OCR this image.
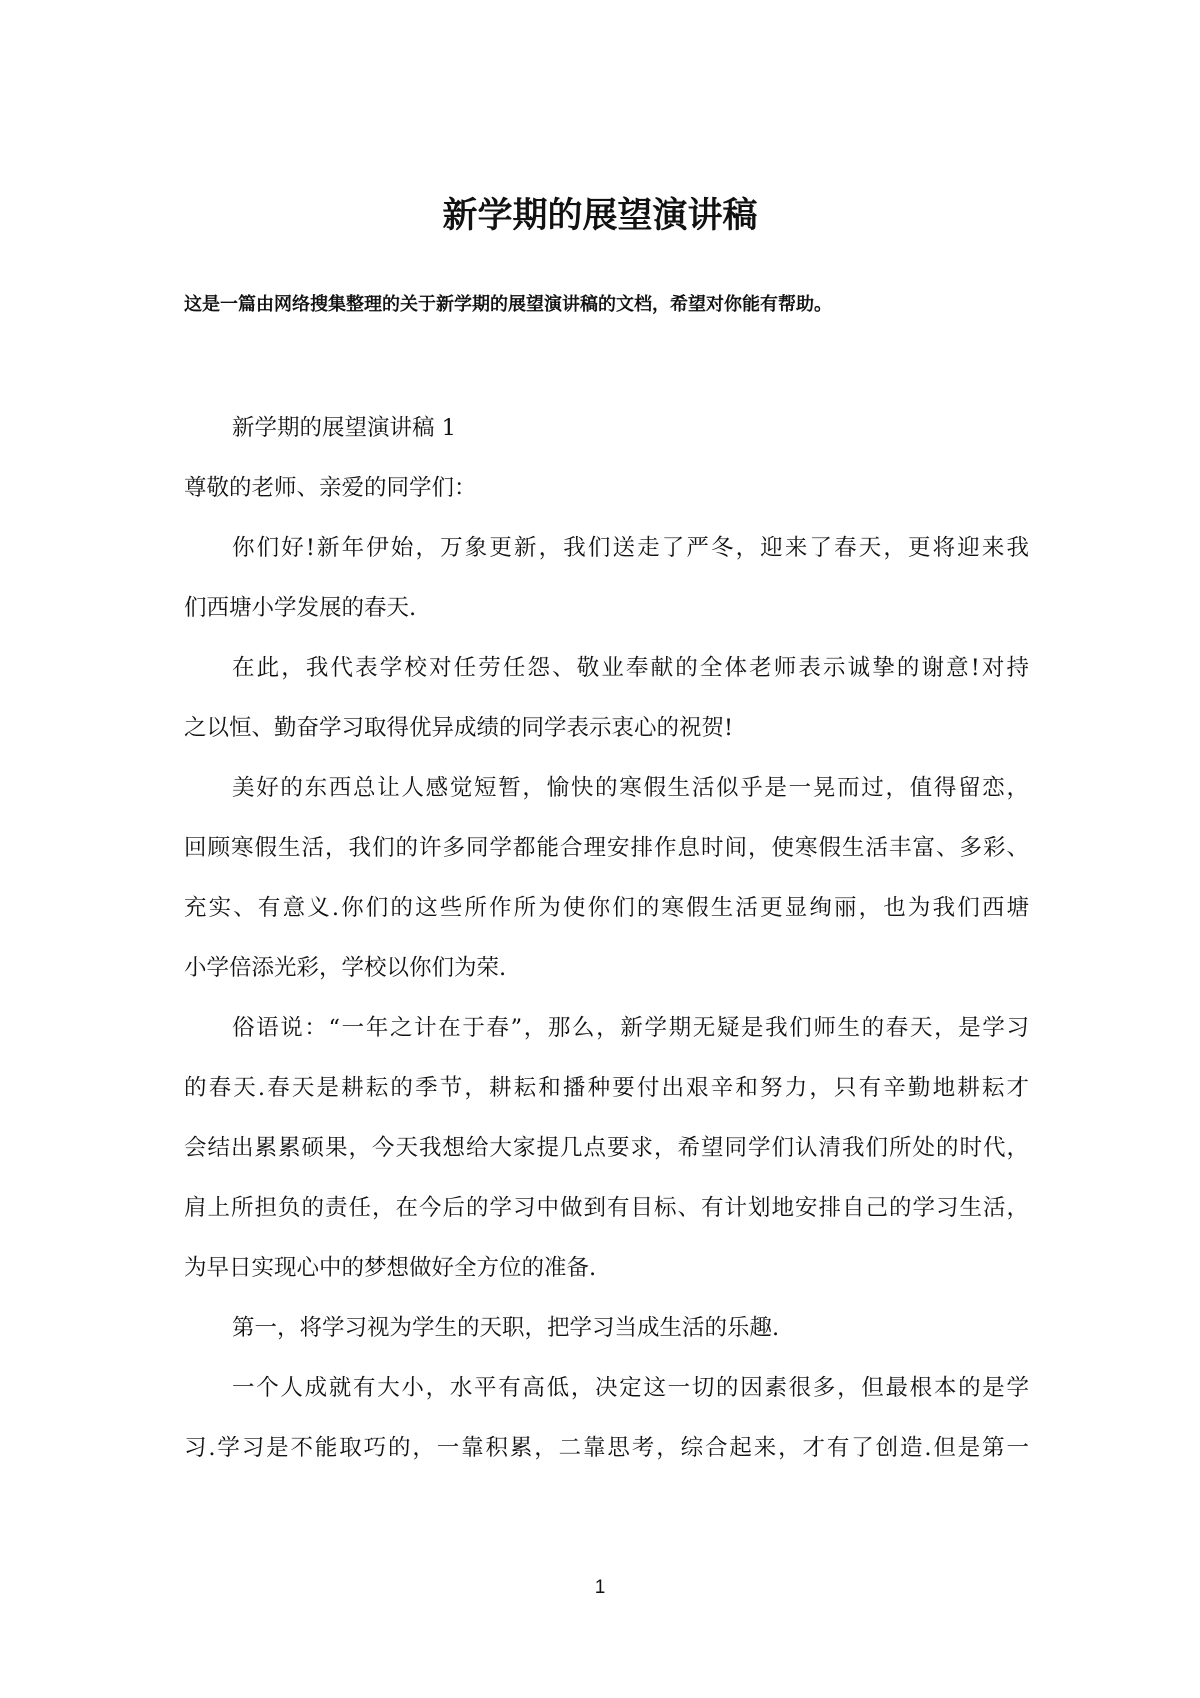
新学期的展望演讲稿

这是一篇由网络搜集整理的关于新学期的展望演讲稿的文档，希望对你能有帮助。

新学期的展望演讲稿 1
尊敬的老师、亲爱的同学们：
你们好!新年伊始，万象更新，我们送走了严冬，迎来了春天，更将迎来我
们西塘小学发展的春天.
在此，我代表学校对任劳任怨、敬业奉献的全体老师表示诚挚的谢意!对持
之以恒、勤奋学习取得优异成绩的同学表示衷心的祝贺!
美好的东西总让人感觉短暂，愉快的寒假生活似乎是一晃而过，值得留恋，
回顾寒假生活，我们的许多同学都能合理安排作息时间，使寒假生活丰富、多彩、
充实、有意义.你们的这些所作所为使你们的寒假生活更显绚丽，也为我们西塘
小学倍添光彩，学校以你们为荣.
俗语说：“一年之计在于春”，那么，新学期无疑是我们师生的春天，是学习
的春天.春天是耕耘的季节，耕耘和播种要付出艰辛和努力，只有辛勤地耕耘才
会结出累累硕果，今天我想给大家提几点要求，希望同学们认清我们所处的时代，
肩上所担负的责任，在今后的学习中做到有目标、有计划地安排自己的学习生活，
为早日实现心中的梦想做好全方位的准备.
第一，将学习视为学生的天职，把学习当成生活的乐趣.
一个人成就有大小，水平有高低，决定这一切的因素很多，但最根本的是学
习.学习是不能取巧的，一靠积累，二靠思考，综合起来，才有了创造.但是第一
1
